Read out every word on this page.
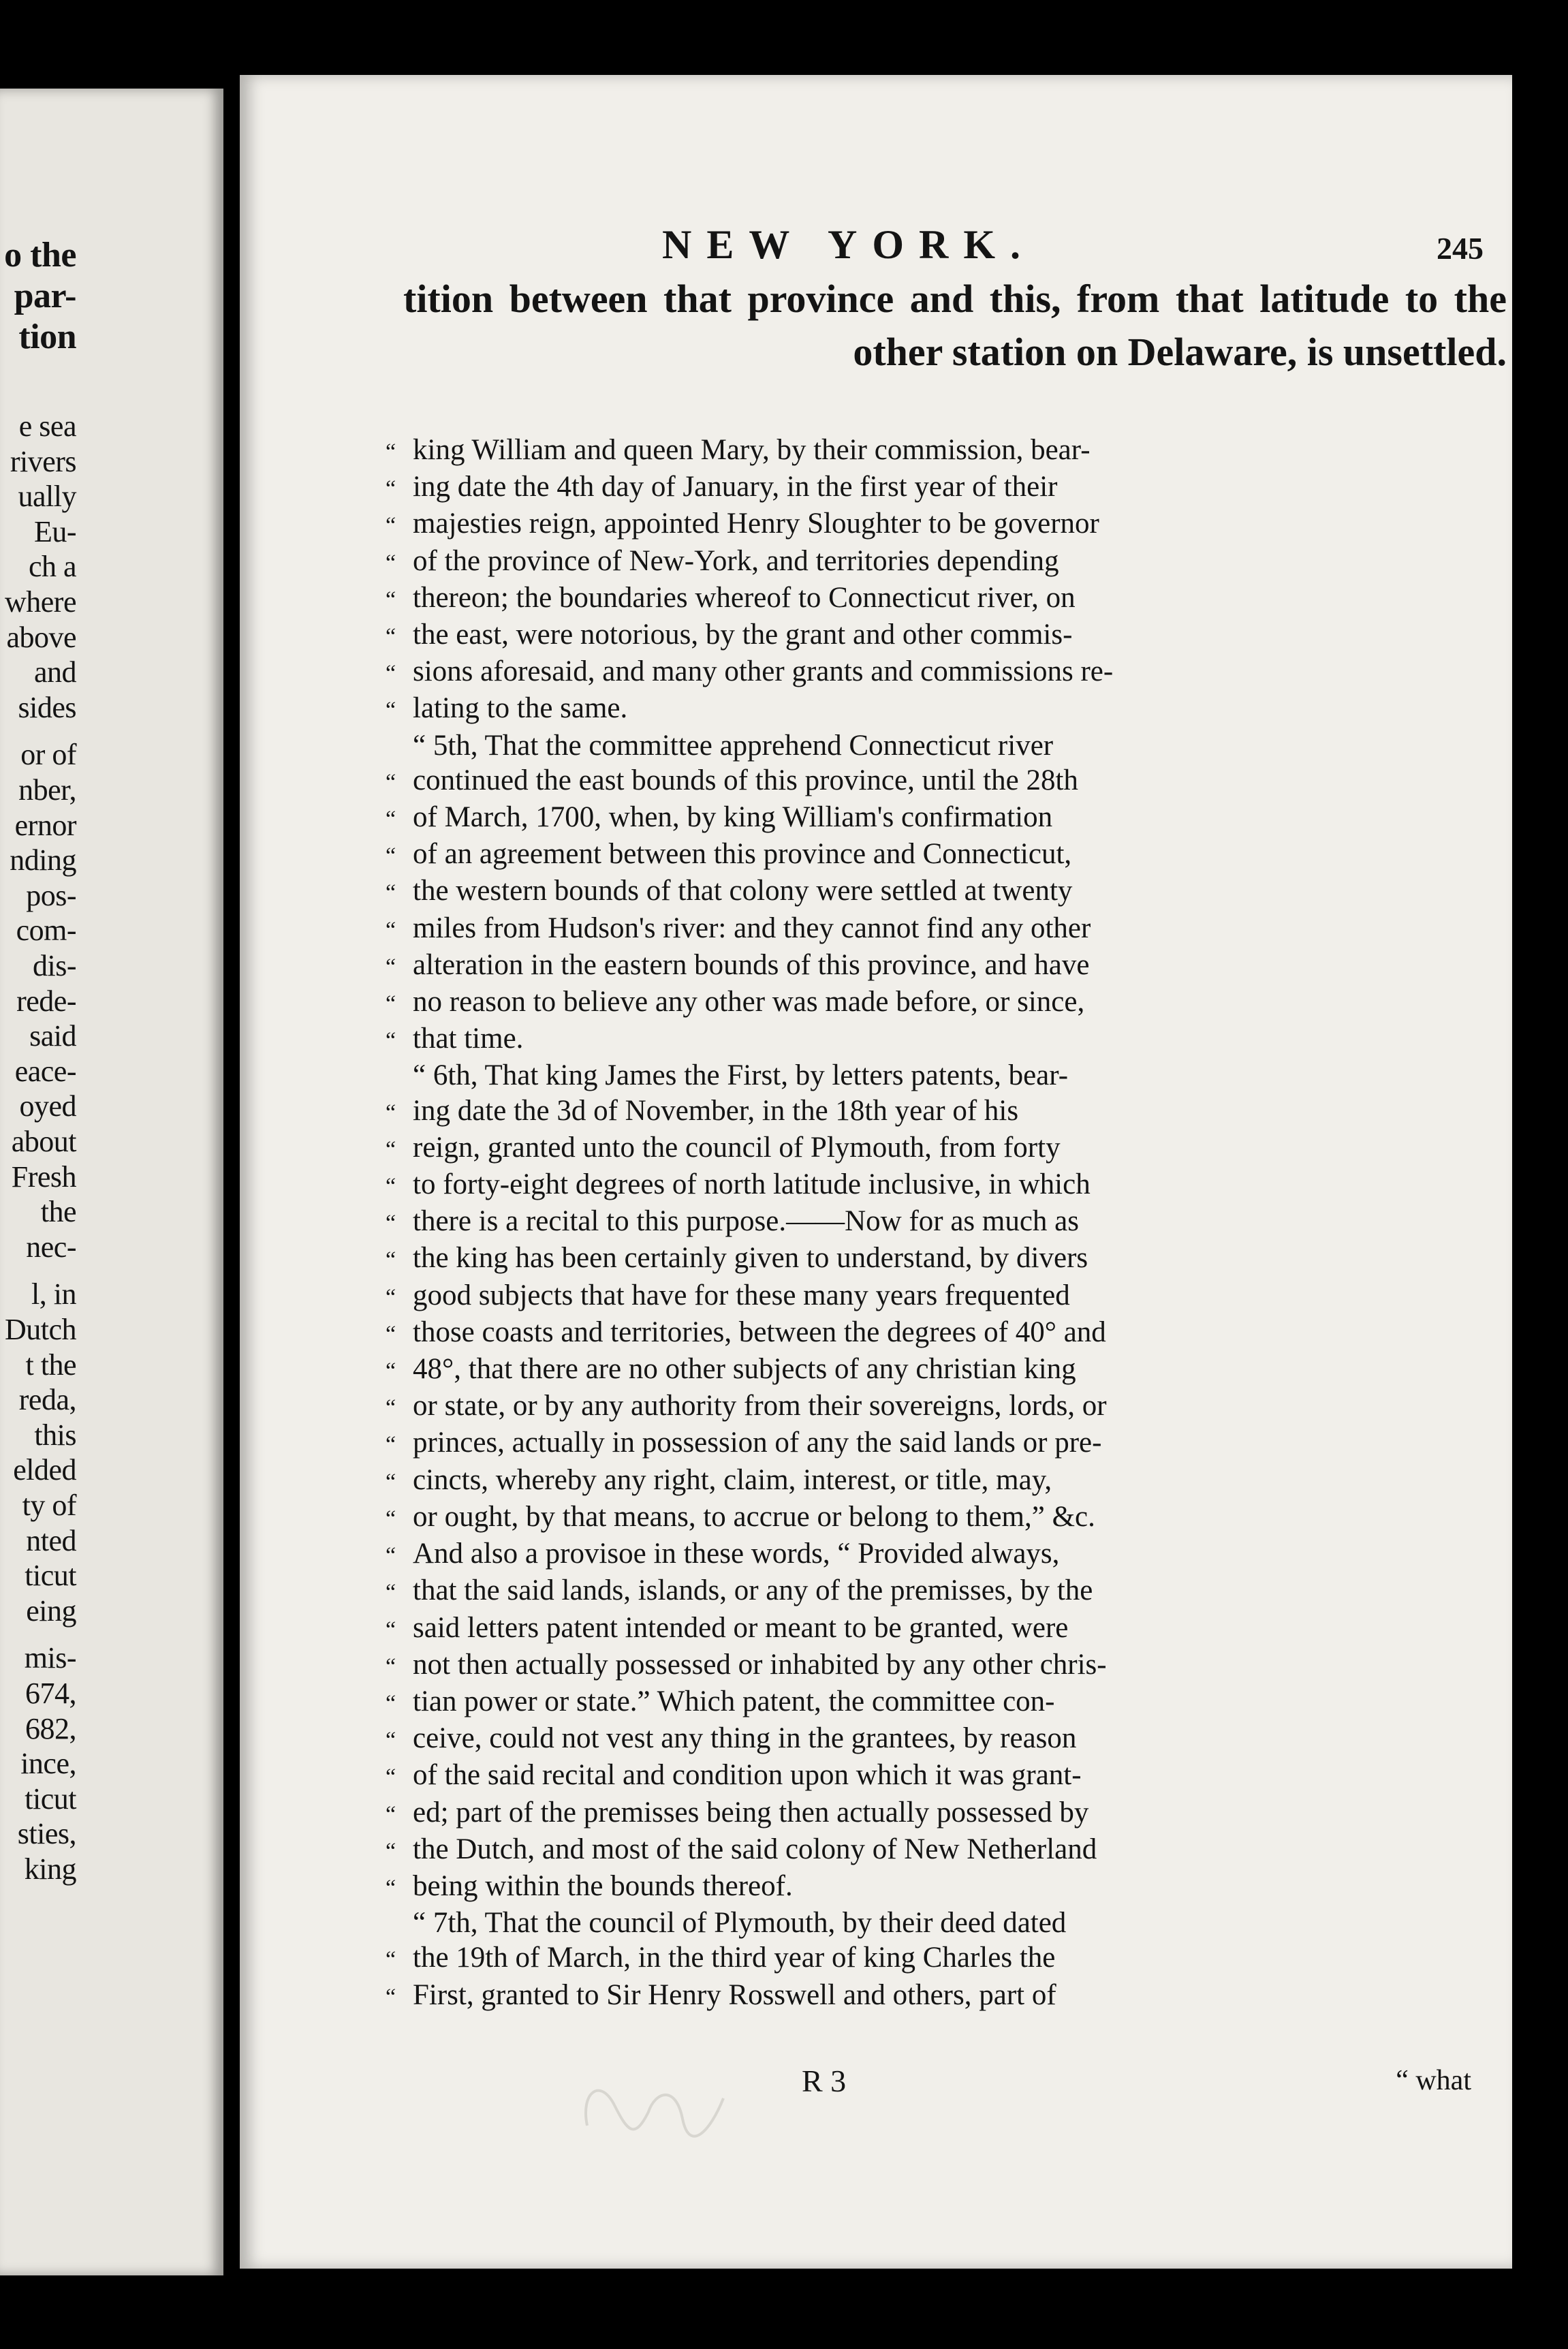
o the
par-
tion
e sea
rivers
ually
Eu-
ch a
where
above
and
sides
or of
nber,
ernor
nding
pos-
com-
dis-
rede-
said
eace-
oyed
about
Fresh
the
nec-
l, in
Dutch
t the
reda,
this
elded
ty of
nted
ticut
eing
mis-
674,
682,
ince,
ticut
sties,
king
NEW YORK.	245
tition between that province and this, from that latitude to the other station on Delaware, is unsettled.
“ king William and queen Mary, by their commission, bear-
“ ing date the 4th day of January, in the first year of their
“ majesties reign, appointed Henry Sloughter to be governor
“ of the province of New-York, and territories depending
“ thereon; the boundaries whereof to Connecticut river, on
“ the east, were notorious, by the grant and other commis-
“ sions aforesaid, and many other grants and commissions re-
“ lating to the same.
“ 5th, That the committee apprehend Connecticut river
“ continued the east bounds of this province, until the 28th
“ of March, 1700, when, by king William's confirmation
“ of an agreement between this province and Connecticut,
“ the western bounds of that colony were settled at twenty
“ miles from Hudson's river: and they cannot find any other
“ alteration in the eastern bounds of this province, and have
“ no reason to believe any other was made before, or since,
“ that time.
“ 6th, That king James the First, by letters patents, bear-
“ ing date the 3d of November, in the 18th year of his
“ reign, granted unto the council of Plymouth, from forty
“ to forty-eight degrees of north latitude inclusive, in which
“ there is a recital to this purpose.——Now for as much as
“ the king has been certainly given to understand, by divers
“ good subjects that have for these many years frequented
“ those coasts and territories, between the degrees of 40° and
“ 48°, that there are no other subjects of any christian king
“ or state, or by any authority from their sovereigns, lords, or
“ princes, actually in possession of any the said lands or pre-
“ cincts, whereby any right, claim, interest, or title, may,
“ or ought, by that means, to accrue or belong to them,” &c.
“ And also a provisoe in these words, “ Provided always,
“ that the said lands, islands, or any of the premisses, by the
“ said letters patent intended or meant to be granted, were
“ not then actually possessed or inhabited by any other chris-
“ tian power or state.” Which patent, the committee con-
“ ceive, could not vest any thing in the grantees, by reason
“ of the said recital and condition upon which it was grant-
“ ed; part of the premisses being then actually possessed by
“ the Dutch, and most of the said colony of New Netherland
“ being within the bounds thereof.
“ 7th, That the council of Plymouth, by their deed dated
“ the 19th of March, in the third year of king Charles the
“ First, granted to Sir Henry Rosswell and others, part of
R 3	“ what
